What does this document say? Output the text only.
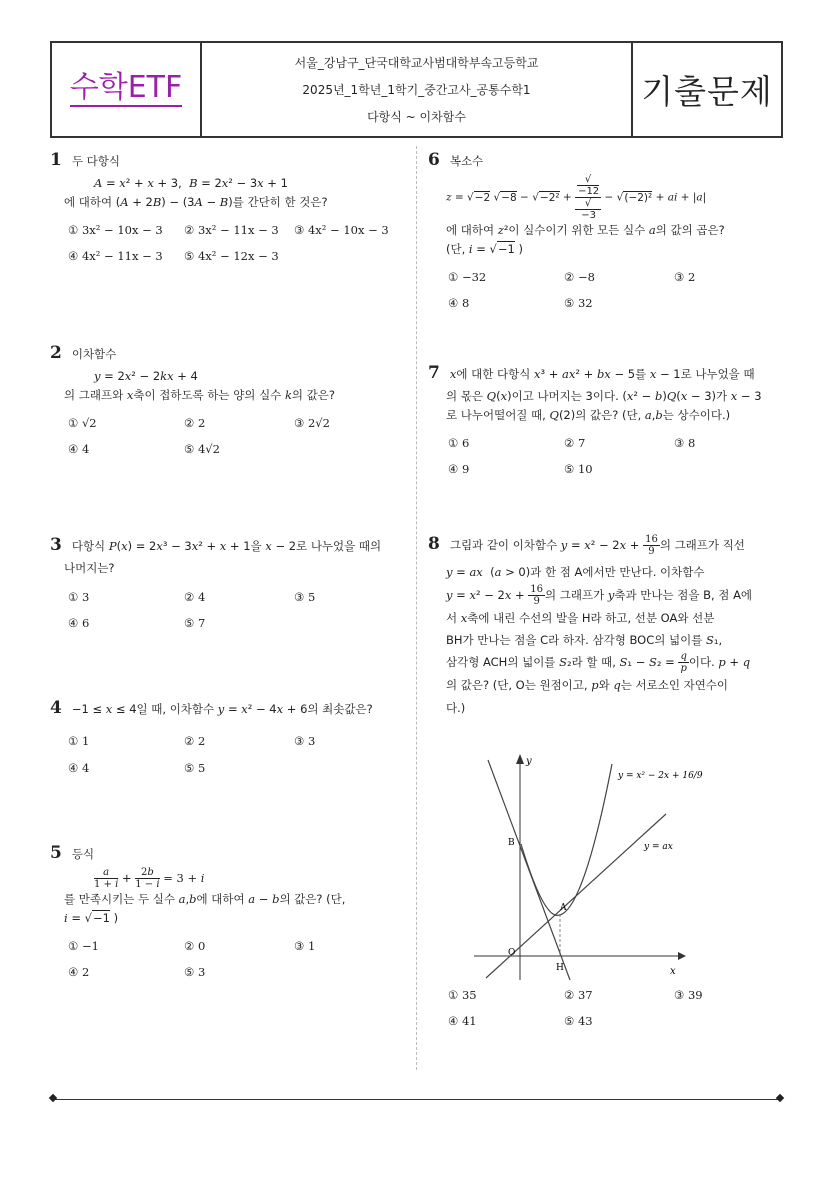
수학ETF
서울_강남구_단국대학교사범대학부속고등학교
2025년_1학년_1학기_중간고사_공통수학1
다항식 ~ 이차함수
기출문제
1 두 다항식
A = x² + x + 3,  B = 2x² − 3x + 1
에 대하여 (A + 2B) − (3A − B)를 간단히 한 것은?
① 3x² − 10x − 3	② 3x² − 11x − 3	③ 4x² − 10x − 3
④ 4x² − 11x − 3	⑤ 4x² − 12x − 3
2 이차함수
y = 2x² − 2kx + 4
의 그래프와 x축이 접하도록 하는 양의 실수 k의 값은?
① √2	② 2	③ 2√2
④ 4	⑤ 4√2
3 다항식 P(x) = 2x³ − 3x² + x + 1을 x − 2로 나누었을 때의
나머지는?
① 3	② 4	③ 5
④ 6	⑤ 7
4 −1 ≤ x ≤ 4일 때, 이차함수 y = x² − 4x + 6의 최솟값은?
① 1	② 2	③ 3
④ 4	⑤ 5
5 등식
$\frac{a}{1 + i} + \frac{2b}{1 - i} = 3 + i$
를 만족시키는 두 실수 a,b에 대하여 a − b의 값은? (단,
i = √−1 )
① −1	② 0	③ 1
④ 2	⑤ 3
6 복소수
z = √−2 √−8 − √−2² + √
−12
√
−3 − √(−2)² + ai + |a|
에 대하여 z²이 실수이기 위한 모든 실수 a의 값의 곱은?
(단, i = √−1 )
① −32	② −8	③ 2
④ 8	⑤ 32
7 x에 대한 다항식 x³ + ax² + bx − 5를 x − 1로 나누었을 때
의 몫은 Q(x)이고 나머지는 3이다. (x² − b)Q(x − 3)가 x − 3
로 나누어떨어질 때, Q(2)의 값은? (단, a,b는 상수이다.)
① 6	② 7	③ 8
④ 9	⑤ 10
8 그림과 같이 이차함수 $y = x^2 - 2x + \frac{16}{9}$ 의 그래프가 직선
y = ax  (a > 0)과 한 점 A에서만 만난다. 이차함수
$y = x^2 - 2x + \frac{16}{9}$ 의 그래프가 y축과 만나는 점을 B, 점 A에
서 x축에 내린 수선의 발을 H라 하고, 선분 OA와 선분
BH가 만나는 점을 C라 하자. 삼각형 BOC의 넓이를 S₁,
삼각형 ACH의 넓이를 S₂라 할 때, $S_1 - S_2 = \frac{q}{p}$ 이다. p + q
의 값은? (단, O는 원점이고, p와 q는 서로소인 자연수이
다.)
y
x
y = x² − 2x + 16/9
y = ax
B
A
O
H
① 35	② 37	③ 39
④ 41	⑤ 43
